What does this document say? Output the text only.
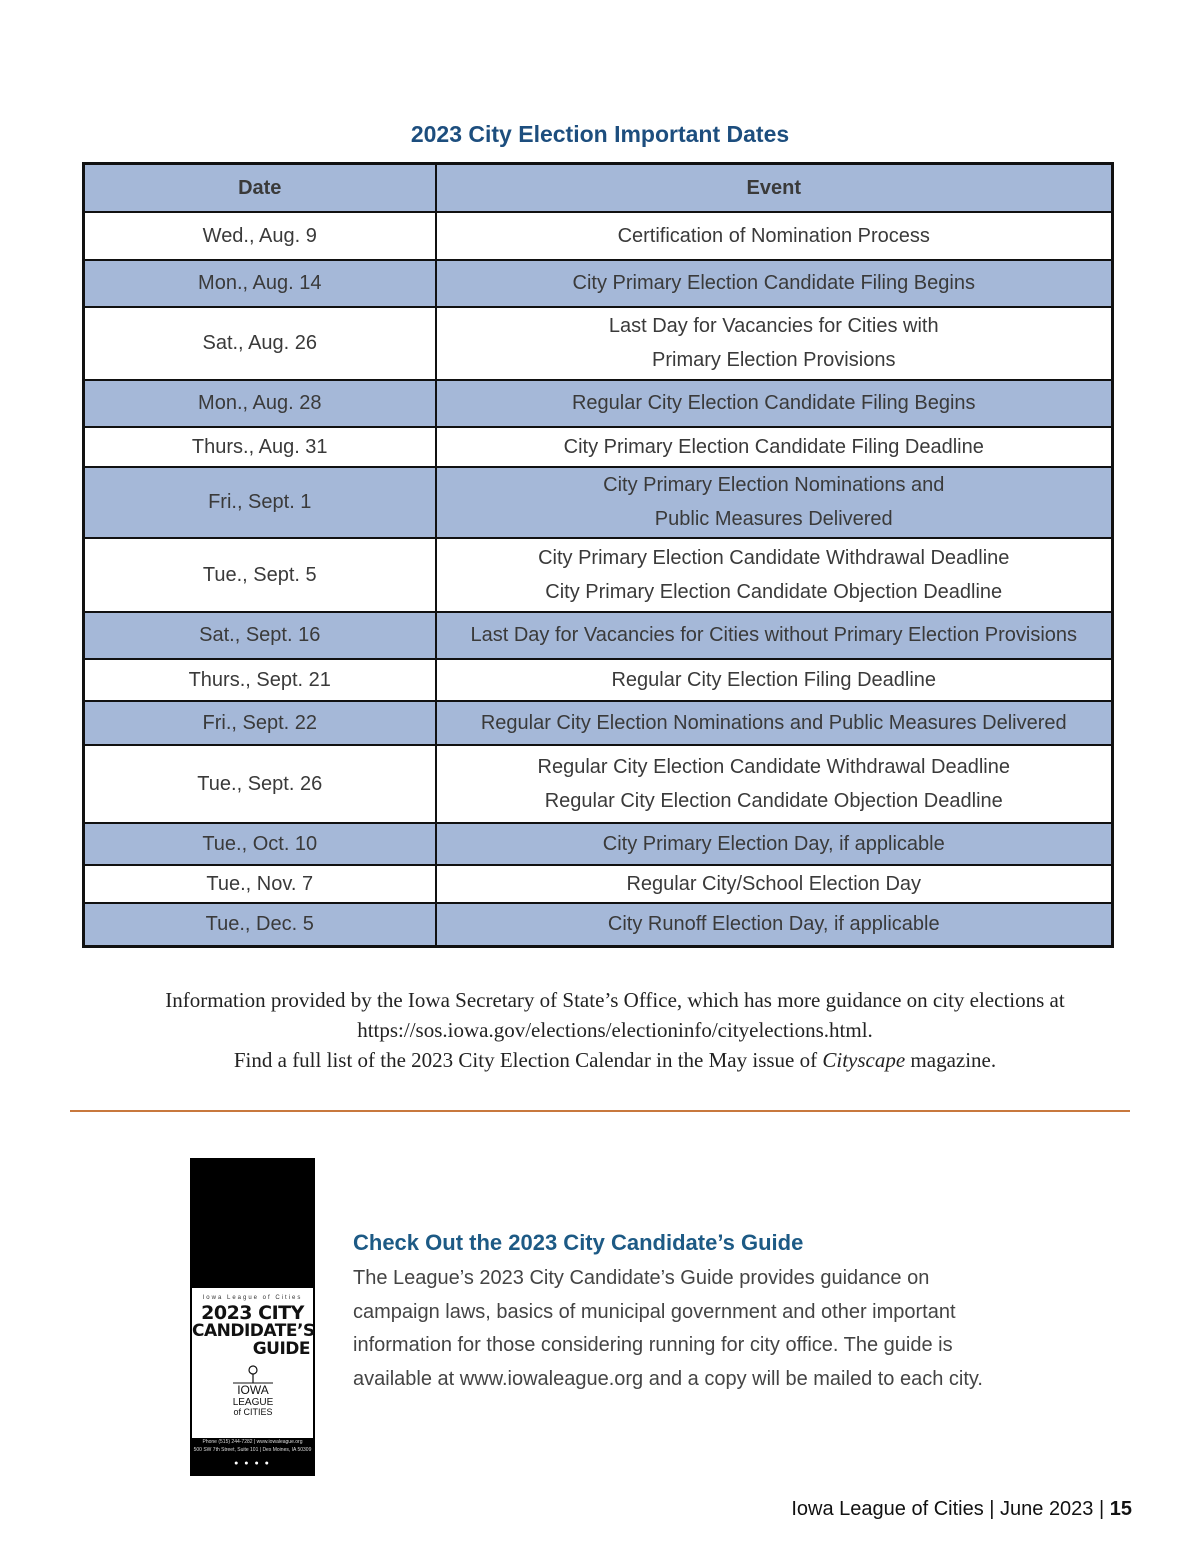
2023 City Election Important Dates
Date	Event
Wed., Aug. 9	Certification of Nomination Process

Mon., Aug. 14	City Primary Election Candidate Filing Begins

Sat., Aug. 26	Last Day for Vacancies for Cities with
Primary Election Provisions

Mon., Aug. 28	Regular City Election Candidate Filing Begins

Thurs., Aug. 31	City Primary Election Candidate Filing Deadline

Fri., Sept. 1	City Primary Election Nominations and
Public Measures Delivered

Tue., Sept. 5	City Primary Election Candidate Withdrawal Deadline
City Primary Election Candidate Objection Deadline

Sat., Sept. 16	Last Day for Vacancies for Cities without Primary Election Provisions

Thurs., Sept. 21	Regular City Election Filing Deadline

Fri., Sept. 22	Regular City Election Nominations and Public Measures Delivered

Tue., Sept. 26	Regular City Election Candidate Withdrawal Deadline
Regular City Election Candidate Objection Deadline

Tue., Oct. 10	City Primary Election Day, if applicable

Tue., Nov. 7	Regular City/School Election Day

Tue., Dec. 5	City Runoff Election Day, if applicable
Information provided by the Iowa Secretary of State’s Office, which has more guidance on city elections at
https://sos.iowa.gov/elections/electioninfo/cityelections.html.
Find a full list of the 2023 City Election Calendar in the May issue of Cityscape magazine.
Iowa League of Cities
2023 CITY
CANDIDATE’S
GUIDE
IOWA
LEAGUE
of CITIES
Phone (515) 244-7282 | www.iowaleague.org
500 SW 7th Street, Suite 101 | Des Moines, IA 50309
● ● ● ●
Check Out the 2023 City Candidate’s Guide
The League’s 2023 City Candidate’s Guide provides guidance on
campaign laws, basics of municipal government and other important
information for those considering running for city office. The guide is
available at www.iowaleague.org and a copy will be mailed to each city.
Iowa League of Cities | June 2023 | 15
